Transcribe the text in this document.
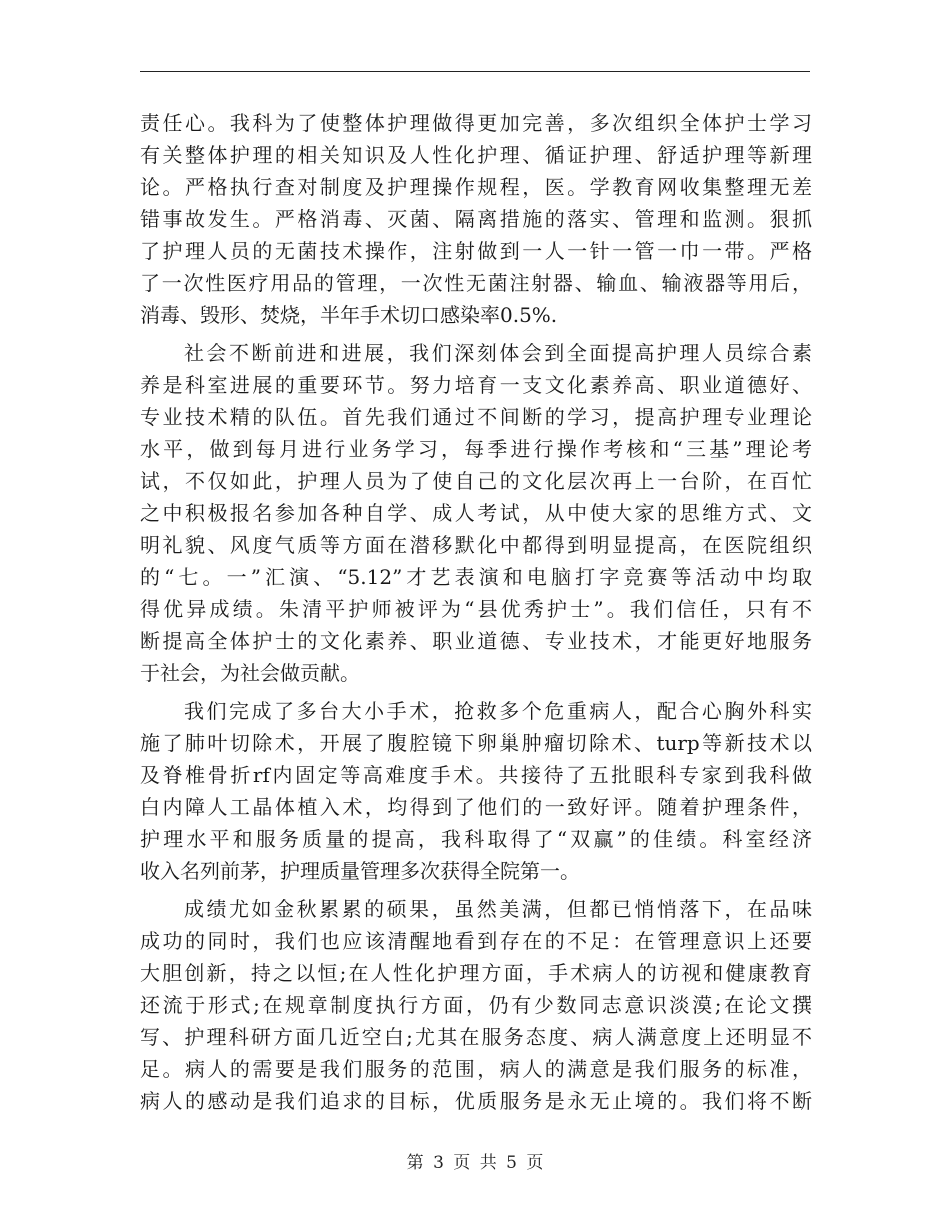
责任心。我科为了使整体护理做得更加完善，多次组织全体护士学习
有关整体护理的相关知识及人性化护理、循证护理、舒适护理等新理
论。严格执行查对制度及护理操作规程，医。学教育网收集整理无差
错事故发生。严格消毒、灭菌、隔离措施的落实、管理和监测。狠抓
了护理人员的无菌技术操作，注射做到一人一针一管一巾一带。严格
了一次性医疗用品的管理，一次性无菌注射器、输血、输液器等用后，
消毒、毁形、焚烧，半年手术切口感染率0.5%.
社会不断前进和进展，我们深刻体会到全面提高护理人员综合素
养是科室进展的重要环节。努力培育一支文化素养高、职业道德好、
专业技术精的队伍。首先我们通过不间断的学习，提高护理专业理论
水平，做到每月进行业务学习，每季进行操作考核和“三基”理论考
试，不仅如此，护理人员为了使自己的文化层次再上一台阶，在百忙
之中积极报名参加各种自学、成人考试，从中使大家的思维方式、文
明礼貌、风度气质等方面在潜移默化中都得到明显提高，在医院组织
的“七。一”汇演、“5.12”才艺表演和电脑打字竞赛等活动中均取
得优异成绩。朱清平护师被评为“县优秀护士”。我们信任，只有不
断提高全体护士的文化素养、职业道德、专业技术，才能更好地服务
于社会，为社会做贡献。
我们完成了多台大小手术，抢救多个危重病人，配合心胸外科实
施了肺叶切除术，开展了腹腔镜下卵巢肿瘤切除术、turp等新技术以
及脊椎骨折rf内固定等高难度手术。共接待了五批眼科专家到我科做
白内障人工晶体植入术，均得到了他们的一致好评。随着护理条件，
护理水平和服务质量的提高，我科取得了“双赢”的佳绩。科室经济
收入名列前茅，护理质量管理多次获得全院第一。
成绩尤如金秋累累的硕果，虽然美满，但都已悄悄落下，在品味
成功的同时，我们也应该清醒地看到存在的不足：在管理意识上还要
大胆创新，持之以恒;在人性化护理方面，手术病人的访视和健康教育
还流于形式;在规章制度执行方面，仍有少数同志意识淡漠;在论文撰
写、护理科研方面几近空白;尤其在服务态度、病人满意度上还明显不
足。病人的需要是我们服务的范围，病人的满意是我们服务的标准，
病人的感动是我们追求的目标，优质服务是永无止境的。我们将不断
第 3 页 共 5 页
